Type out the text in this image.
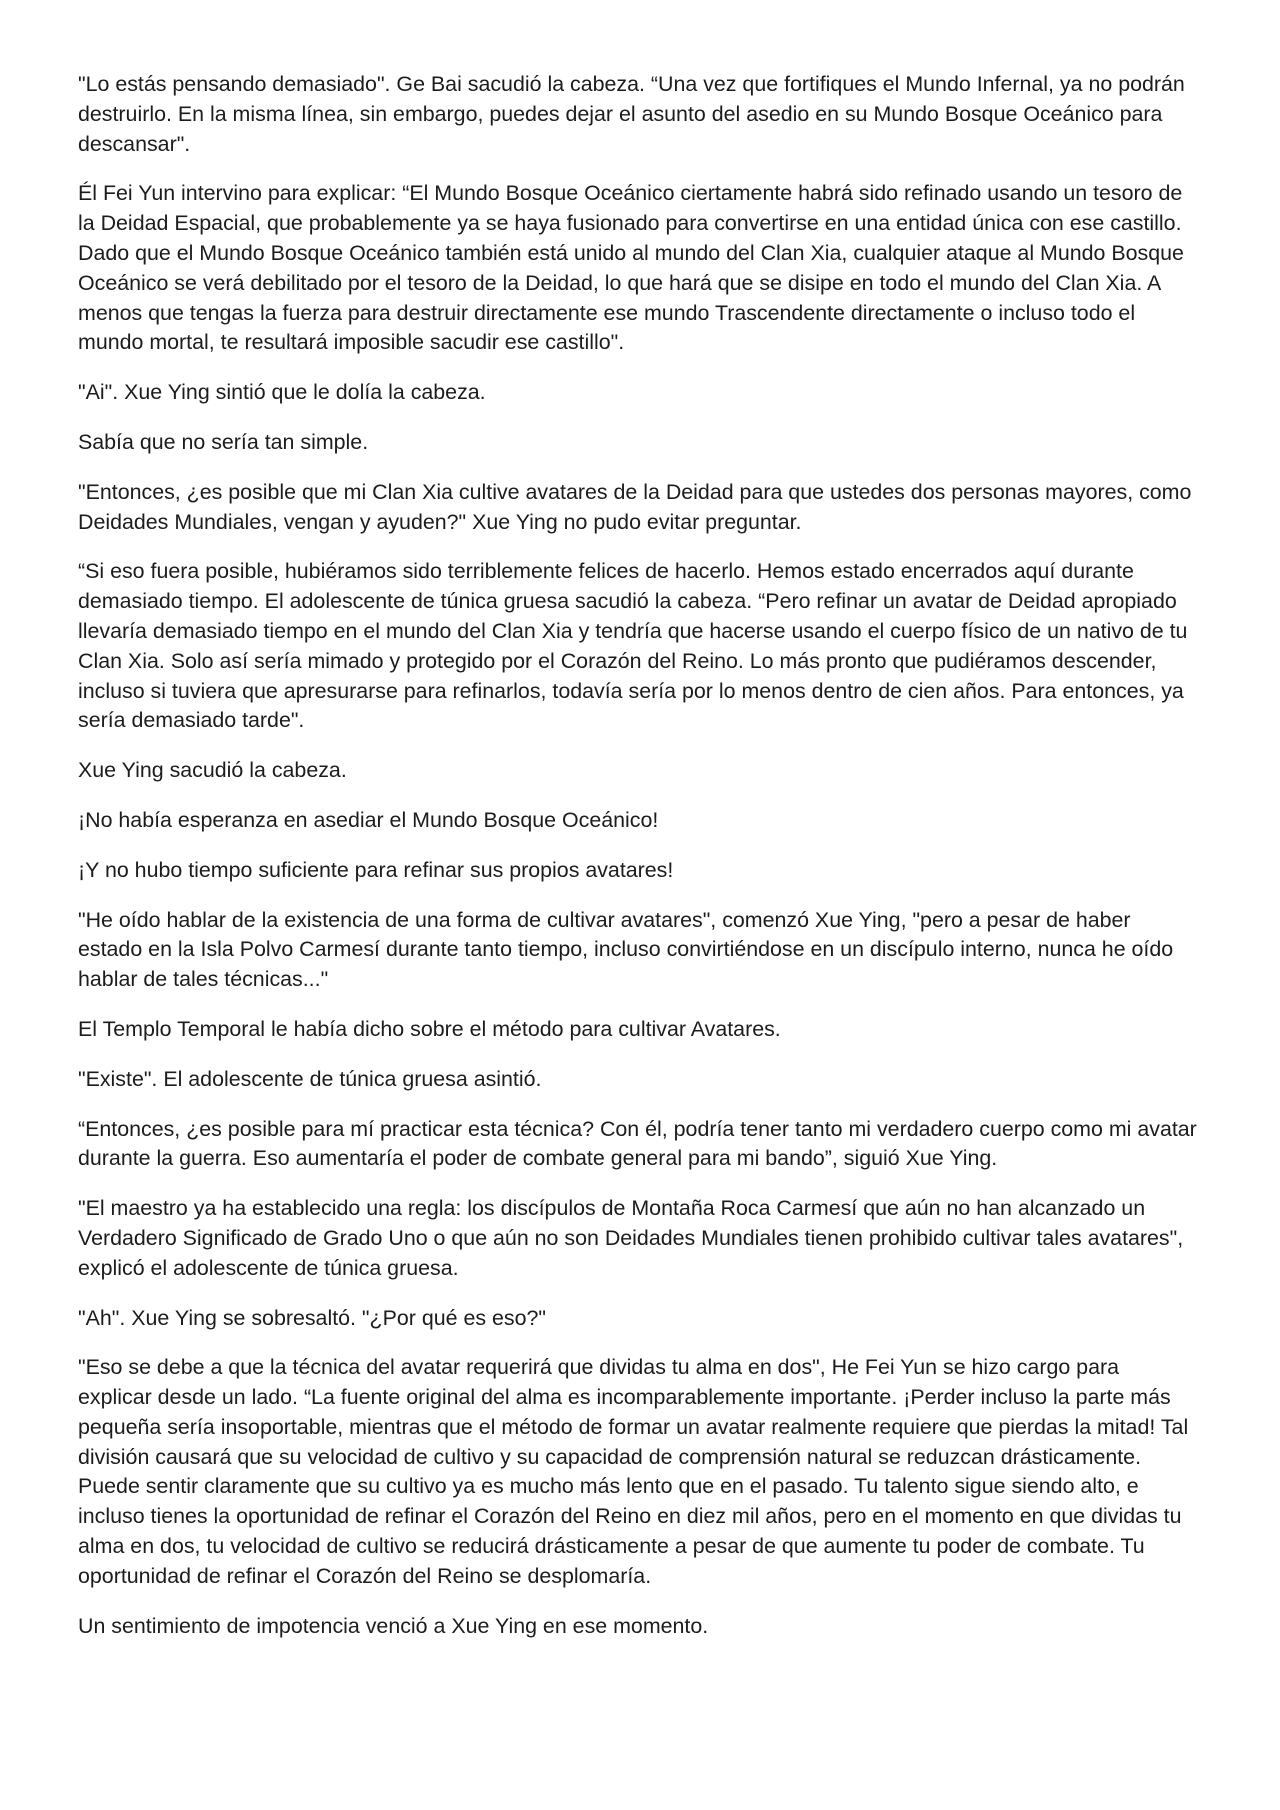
"Lo estás pensando demasiado". Ge Bai sacudió la cabeza. “Una vez que fortifiques el Mundo Infernal, ya no podrán destruirlo. En la misma línea, sin embargo, puedes dejar el asunto del asedio en su Mundo Bosque Oceánico para descansar".

Él Fei Yun intervino para explicar: “El Mundo Bosque Oceánico ciertamente habrá sido refinado usando un tesoro de la Deidad Espacial, que probablemente ya se haya fusionado para convertirse en una entidad única con ese castillo. Dado que el Mundo Bosque Oceánico también está unido al mundo del Clan Xia, cualquier ataque al Mundo Bosque Oceánico se verá debilitado por el tesoro de la Deidad, lo que hará que se disipe en todo el mundo del Clan Xia. A menos que tengas la fuerza para destruir directamente ese mundo Trascendente directamente o incluso todo el mundo mortal, te resultará imposible sacudir ese castillo".

"Ai". Xue Ying sintió que le dolía la cabeza.

Sabía que no sería tan simple.

"Entonces, ¿es posible que mi Clan Xia cultive avatares de la Deidad para que ustedes dos personas mayores, como Deidades Mundiales, vengan y ayuden?" Xue Ying no pudo evitar preguntar.

“Si eso fuera posible, hubiéramos sido terriblemente felices de hacerlo. Hemos estado encerrados aquí durante demasiado tiempo. El adolescente de túnica gruesa sacudió la cabeza. “Pero refinar un avatar de Deidad apropiado llevaría demasiado tiempo en el mundo del Clan Xia y tendría que hacerse usando el cuerpo físico de un nativo de tu Clan Xia. Solo así sería mimado y protegido por el Corazón del Reino. Lo más pronto que pudiéramos descender, incluso si tuviera que apresurarse para refinarlos, todavía sería por lo menos dentro de cien años. Para entonces, ya sería demasiado tarde".

Xue Ying sacudió la cabeza.

¡No había esperanza en asediar el Mundo Bosque Oceánico!

¡Y no hubo tiempo suficiente para refinar sus propios avatares!

"He oído hablar de la existencia de una forma de cultivar avatares", comenzó Xue Ying, "pero a pesar de haber estado en la Isla Polvo Carmesí durante tanto tiempo, incluso convirtiéndose en un discípulo interno, nunca he oído hablar de tales técnicas..."

El Templo Temporal le había dicho sobre el método para cultivar Avatares.

"Existe". El adolescente de túnica gruesa asintió.

“Entonces, ¿es posible para mí practicar esta técnica? Con él, podría tener tanto mi verdadero cuerpo como mi avatar durante la guerra. Eso aumentaría el poder de combate general para mi bando”, siguió Xue Ying.

"El maestro ya ha establecido una regla: los discípulos de Montaña Roca Carmesí que aún no han alcanzado un Verdadero Significado de Grado Uno o que aún no son Deidades Mundiales tienen prohibido cultivar tales avatares", explicó el adolescente de túnica gruesa.

"Ah". Xue Ying se sobresaltó. "¿Por qué es eso?"

"Eso se debe a que la técnica del avatar requerirá que dividas tu alma en dos", He Fei Yun se hizo cargo para explicar desde un lado. “La fuente original del alma es incomparablemente importante. ¡Perder incluso la parte más pequeña sería insoportable, mientras que el método de formar un avatar realmente requiere que pierdas la mitad! Tal división causará que su velocidad de cultivo y su capacidad de comprensión natural se reduzcan drásticamente. Puede sentir claramente que su cultivo ya es mucho más lento que en el pasado. Tu talento sigue siendo alto, e incluso tienes la oportunidad de refinar el Corazón del Reino en diez mil años, pero en el momento en que dividas tu alma en dos, tu velocidad de cultivo se reducirá drásticamente a pesar de que aumente tu poder de combate. Tu oportunidad de refinar el Corazón del Reino se desplomaría.

Un sentimiento de impotencia venció a Xue Ying en ese momento.
